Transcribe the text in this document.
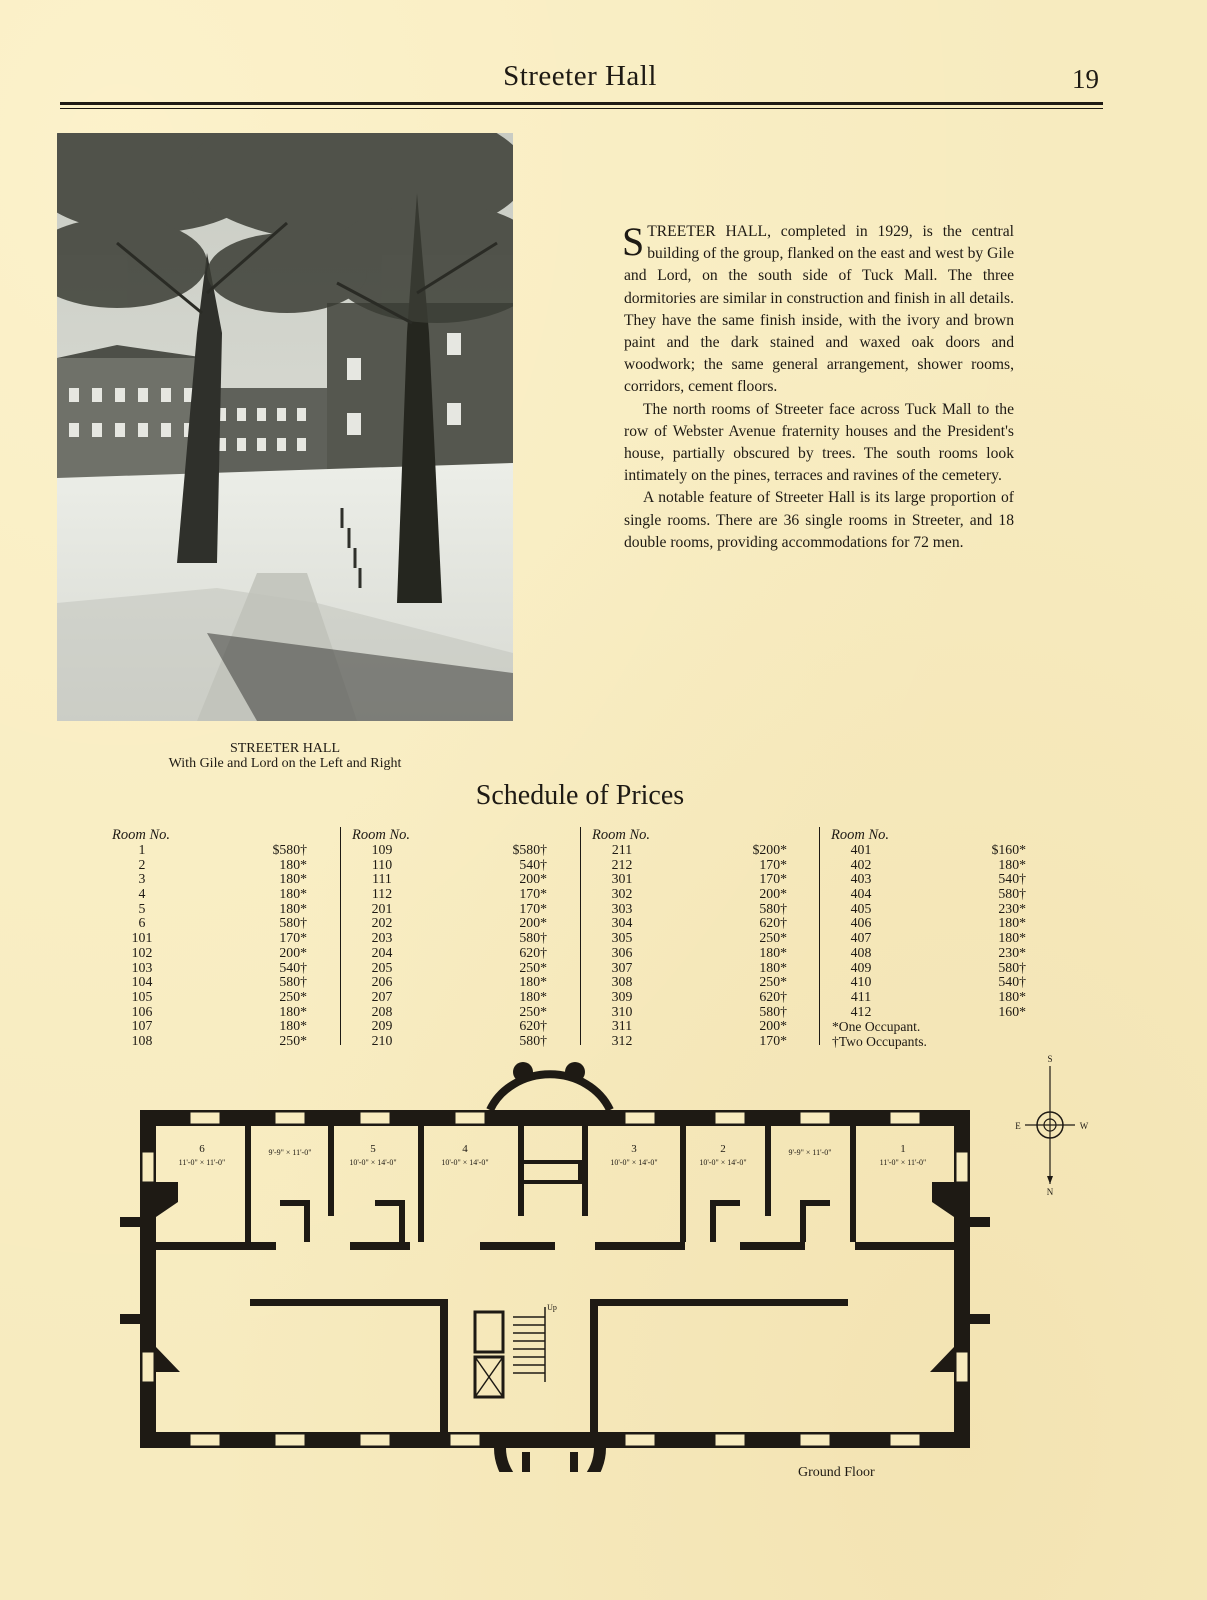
Streeter Hall	19
STREETER HALL
With Gile and Lord on the Left and Right

STREETER HALL, completed in 1929, is the central building of the group, flanked on the east and west by Gile and Lord, on the south side of Tuck Mall. The three dormitories are similar in construction and finish in all details. They have the same finish inside, with the ivory and brown paint and the dark stained and waxed oak doors and woodwork; the same general arrangement, shower rooms, corridors, cement floors.

The north rooms of Streeter face across Tuck Mall to the row of Webster Avenue fraternity houses and the President's house, partially obscured by trees. The south rooms look intimately on the pines, terraces and ravines of the cemetery.

A notable feature of Streeter Hall is its large proportion of single rooms. There are 36 single rooms in Streeter, and 18 double rooms, providing accommodations for 72 men.

Schedule of Prices
Room No.
1	$580†
2	180*
3	180*
4	180*
5	180*
6	580†
101	170*
102	200*
103	540†
104	580†
105	250*
106	180*
107	180*
108	250*
Room No.
109	$580†
110	540†
111	200*
112	170*
201	170*
202	200*
203	580†
204	620†
205	250*
206	180*
207	180*
208	250*
209	620†
210	580†
Room No.
211	$200*
212	170*
301	170*
302	200*
303	580†
304	620†
305	250*
306	180*
307	180*
308	250*
309	620†
310	580†
311	200*
312	170*
Room No.
401	$160*
402	180*
403	540†
404	580†
405	230*
406	180*
407	180*
408	230*
409	580†
410	540†
411	180*
412	160*
*One Occupant.
†Two Occupants.
6
11'-0" × 11'-0"
9'-9" × 11'-0"	5
10'-0" × 14'-0"
4
10'-0" × 14'-0"
3
10'-0" × 14'-0"
2
10'-0" × 14'-0"
9'-9" × 11'-0"	1
11'-0" × 11'-0"
Up
Ground Floor
S
N
E	W
